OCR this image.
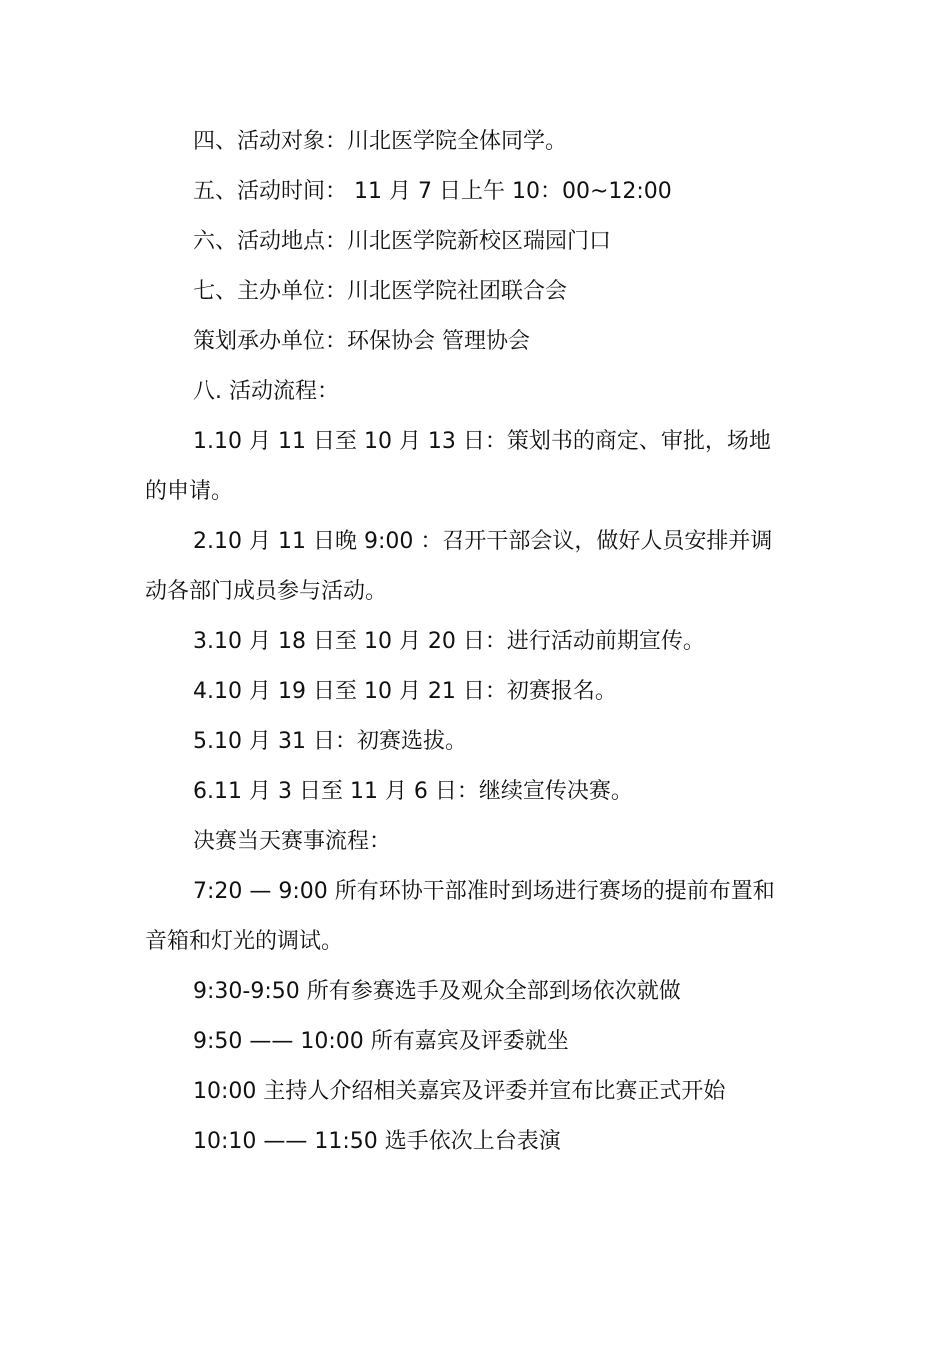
四、活动对象：川北医学院全体同学。

五、活动时间： 11 月 7 日上午 10：00~12:00

六、活动地点：川北医学院新校区瑞园门口

七、主办单位：川北医学院社团联合会

策划承办单位：环保协会 管理协会

八. 活动流程：

1.10 月 11 日至 10 月 13 日：策划书的商定、审批，场地的申请。

2.10 月 11 日晚 9:00 ：召开干部会议，做好人员安排并调动各部门成员参与活动。

3.10 月 18 日至 10 月 20 日：进行活动前期宣传。

4.10 月 19 日至 10 月 21 日：初赛报名。

5.10 月 31 日：初赛选拔。

6.11 月 3 日至 11 月 6 日：继续宣传决赛。

决赛当天赛事流程：

7:20 — 9:00 所有环协干部准时到场进行赛场的提前布置和音箱和灯光的调试。

9:30-9:50 所有参赛选手及观众全部到场依次就做

9:50 —— 10:00 所有嘉宾及评委就坐

10:00 主持人介绍相关嘉宾及评委并宣布比赛正式开始

10:10 —— 11:50 选手依次上台表演
